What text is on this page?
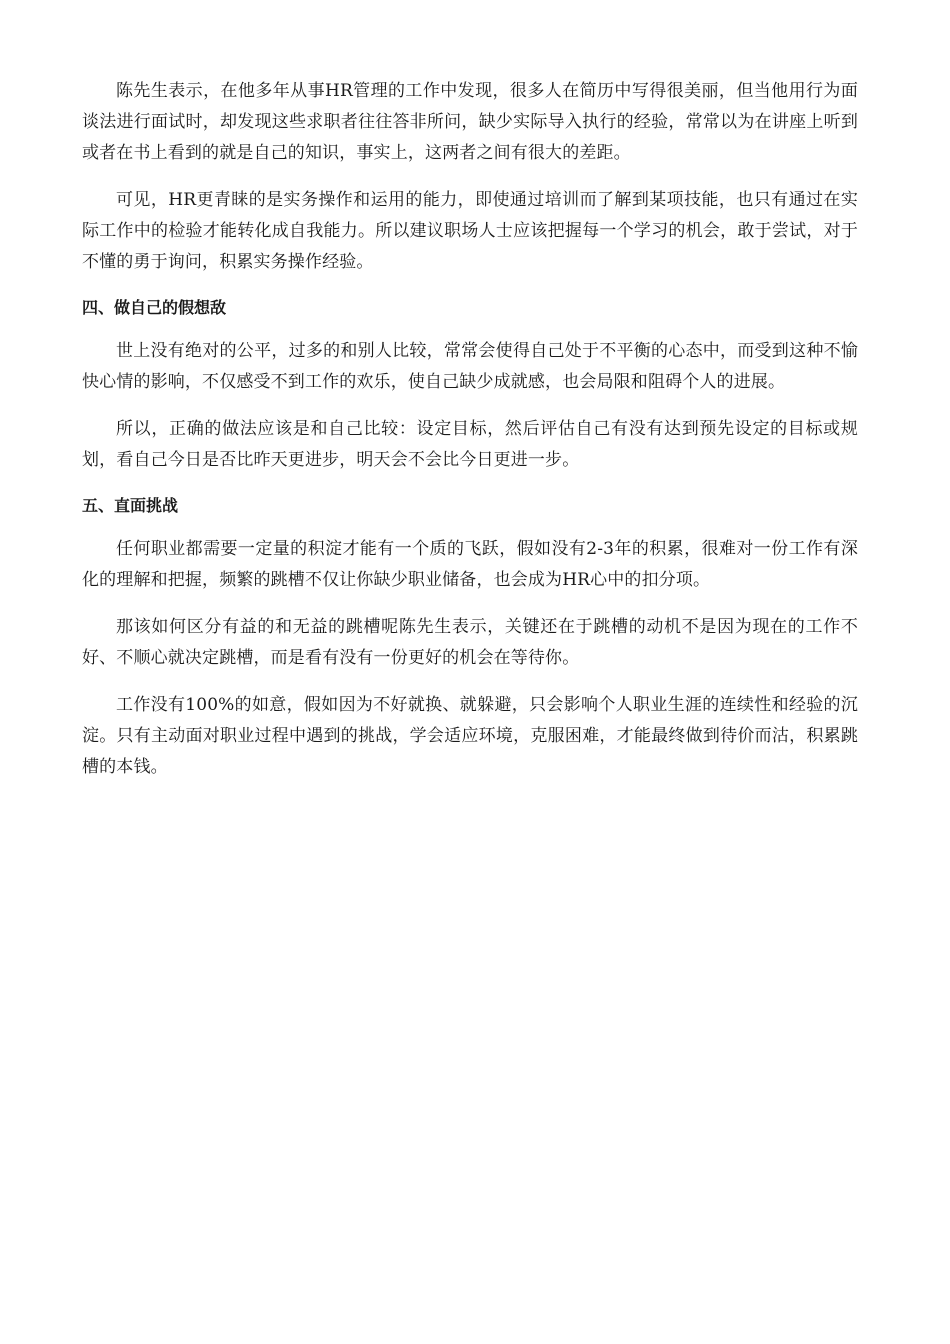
陈先生表示，在他多年从事HR管理的工作中发现，很多人在简历中写得很美丽，但当他用行为面谈法进行面试时，却发现这些求职者往往答非所问，缺少实际导入执行的经验，常常以为在讲座上听到或者在书上看到的就是自己的知识，事实上，这两者之间有很大的差距。

可见，HR更青睐的是实务操作和运用的能力，即使通过培训而了解到某项技能，也只有通过在实际工作中的检验才能转化成自我能力。所以建议职场人士应该把握每一个学习的机会，敢于尝试，对于不懂的勇于询问，积累实务操作经验。

四、做自己的假想敌

世上没有绝对的公平，过多的和别人比较，常常会使得自己处于不平衡的心态中，而受到这种不愉快心情的影响，不仅感受不到工作的欢乐，使自己缺少成就感，也会局限和阻碍个人的进展。

所以，正确的做法应该是和自己比较：设定目标，然后评估自己有没有达到预先设定的目标或规划，看自己今日是否比昨天更进步，明天会不会比今日更进一步。

五、直面挑战

任何职业都需要一定量的积淀才能有一个质的飞跃，假如没有2-3年的积累，很难对一份工作有深化的理解和把握，频繁的跳槽不仅让你缺少职业储备，也会成为HR心中的扣分项。

那该如何区分有益的和无益的跳槽呢陈先生表示，关键还在于跳槽的动机不是因为现在的工作不好、不顺心就决定跳槽，而是看有没有一份更好的机会在等待你。

工作没有100%的如意，假如因为不好就换、就躲避，只会影响个人职业生涯的连续性和经验的沉淀。只有主动面对职业过程中遇到的挑战，学会适应环境，克服困难，才能最终做到待价而沽，积累跳槽的本钱。
